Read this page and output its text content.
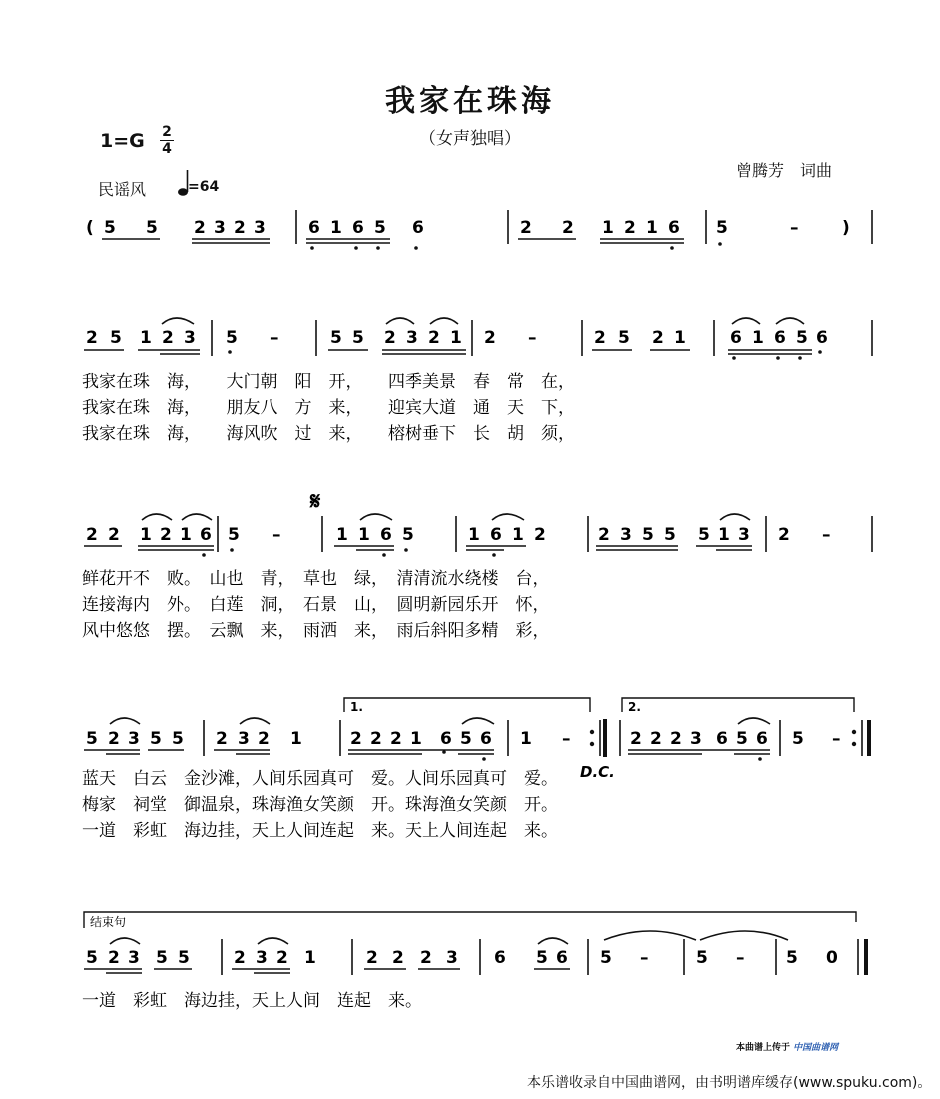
我家在珠海
（女声独唱）
1=G 2
4
民谣风	=64
曾腾芳　词曲
( 5 5 2 3 2 3 6 1 6 5 6	2 2 1 2 1 6 5	–	)
2 5 1 2 3 5 –	5 5 2 3 2 1 2 –	2 5 2 1	6 1 6 5 6
我家在珠　海，　　大门朝　阳　开，　　四季美景　春　常　在，
我家在珠　海，　　朋友八　方　来，　　迎宾大道　通　天　下，
我家在珠　海，　　海风吹　过　来，　　榕树垂下　长　胡　须，
𝄋
2 2 1 2 1 6 5 –	1 1 6 5	1 6 1 2	2 3 5 5 5 1 3 2 –
鲜花开不　败。　山也　青，　草也　绿，　清清流水绕楼　台，
连接海内　外。　白莲　洞，　石景　山，　圆明新园乐开　怀，
风中悠悠　摆。　云飘　来，　雨洒　来，　雨后斜阳多精　彩，
1.	2.
5 2 3 5 5 2 3 2 1	2 2 2 1 6 5 6 1 –	2 2 2 3 6 5 6 5 –
D.C.
蓝天　白云　金沙滩，人间乐园真可　爱。人间乐园真可　爱。
梅家　祠堂　御温泉，珠海渔女笑颜　开。珠海渔女笑颜　开。
一道　彩虹　海边挂，天上人间连起　来。天上人间连起　来。
结束句
5 2 3 5 5	2 3 2 1	2 2 2 3 6 5 6 5 –	5 – 5 0
一道　彩虹　海边挂，天上人间　连起　来。
本曲谱上传于 中国曲谱网
本乐谱收录自中国曲谱网，由书明谱库缓存(www.spuku.com)。
